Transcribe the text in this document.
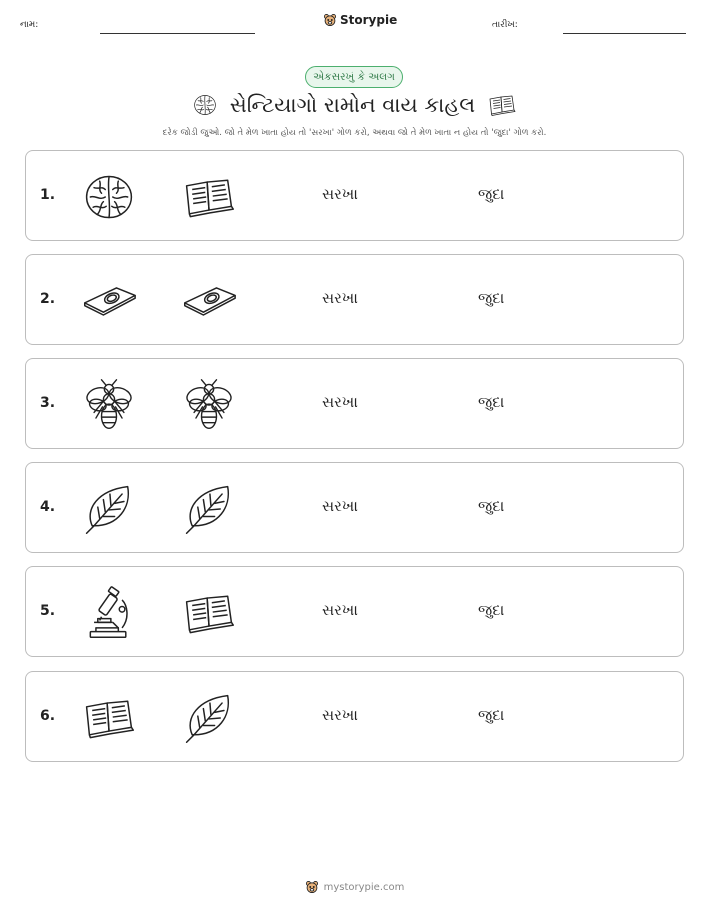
નામ:	Storypie	તારીખ:
એકસરખું કે અલગ
સેન્ટિયાગો રામોન વાય કાહલ
દરેક જોડી જુઓ. જો તે મેળ ખાતા હોય તો 'સરખા' ગોળ કરો, અથવા જો તે મેળ ખાતા ન હોય તો 'જુદા' ગોળ કરો.
1.	સરખા	જુદા
2.	સરખા	જુદા
3.	સરખા	જુદા
4.	સરખા	જુદા
5.	સરખા	જુદા
6.	સરખા	જુદા
mystorypie.com
